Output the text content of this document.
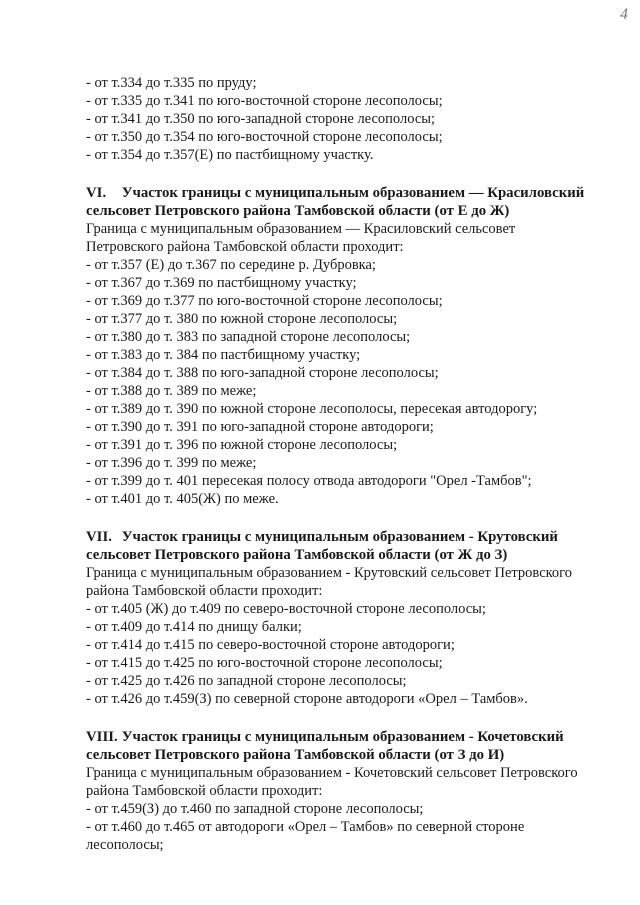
4
- от т.334 до т.335 по пруду;
- от т.335 до т.341 по юго-восточной стороне лесополосы;
- от т.341 до т.350 по юго-западной стороне лесополосы;
- от т.350 до т.354 по юго-восточной стороне лесополосы;
- от т.354 до т.357(Е) по пастбищному участку.
VI. Участок границы с муниципальным образованием — Красиловский
сельсовет Петровского района Тамбовской области (от Е до Ж)
Граница с муниципальным образованием — Красиловский сельсовет
Петровского района Тамбовской области проходит:
- от т.357 (Е) до т.367 по середине р. Дубровка;
- от т.367 до т.369 по пастбищному участку;
- от т.369 до т.377 по юго-восточной стороне лесополосы;
- от т.377 до т. 380 по южной стороне лесополосы;
- от т.380 до т. 383 по западной стороне лесополосы;
- от т.383 до т. 384 по пастбищному участку;
- от т.384 до т. 388 по юго-западной стороне лесополосы;
- от т.388 до т. 389 по меже;
- от т.389 до т. 390 по южной стороне лесополосы, пересекая автодорогу;
- от т.390 до т. 391 по юго-западной стороне автодороги;
- от т.391 до т. 396 по южной стороне лесополосы;
- от т.396 до т. 399 по меже;
- от т.399 до т. 401 пересекая полосу отвода автодороги "Орел -Тамбов";
- от т.401 до т. 405(Ж) по меже.
VII. Участок границы с муниципальным образованием - Крутовский
сельсовет Петровского района Тамбовской области (от Ж до З)
Граница с муниципальным образованием - Крутовский сельсовет Петровского
района Тамбовской области проходит:
- от т.405 (Ж) до т.409 по северо-восточной стороне лесополосы;
- от т.409 до т.414 по днищу балки;
- от т.414 до т.415 по северо-восточной стороне автодороги;
- от т.415 до т.425 по юго-восточной стороне лесополосы;
- от т.425 до т.426 по западной стороне лесополосы;
- от т.426 до т.459(З) по северной стороне автодороги «Орел – Тамбов».
VIII. Участок границы с муниципальным образованием - Кочетовский
сельсовет Петровского района Тамбовской области (от З до И)
Граница с муниципальным образованием - Кочетовский сельсовет Петровского
района Тамбовской области проходит:
- от т.459(З) до т.460 по западной стороне лесополосы;
- от т.460 до т.465 от автодороги «Орел – Тамбов» по северной стороне
лесополосы;
